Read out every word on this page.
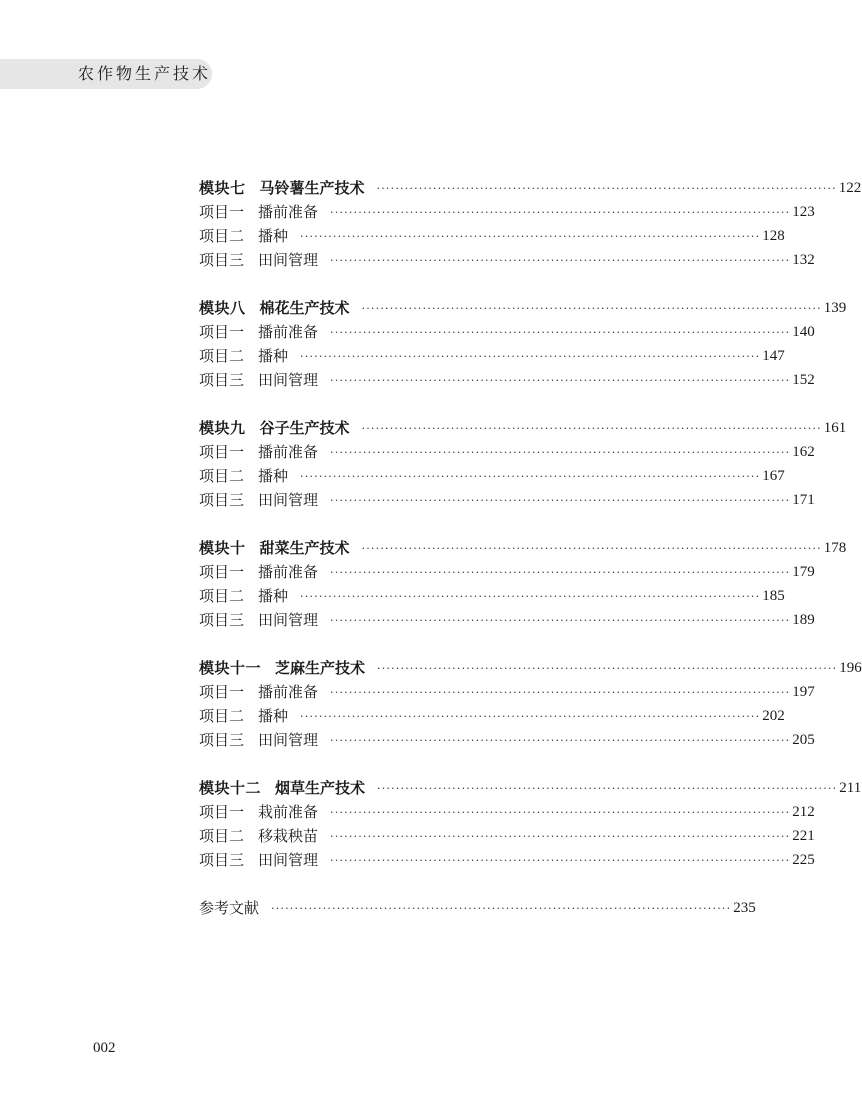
农作物生产技术
模块七 马铃薯生产技术 ·································································································· 122
项目一 播前准备 ·································································································· 123
项目二 播种 ·································································································· 128
项目三 田间管理 ·································································································· 132
模块八 棉花生产技术 ·································································································· 139
项目一 播前准备 ·································································································· 140
项目二 播种 ·································································································· 147
项目三 田间管理 ·································································································· 152
模块九 谷子生产技术 ·································································································· 161
项目一 播前准备 ·································································································· 162
项目二 播种 ·································································································· 167
项目三 田间管理 ·································································································· 171
模块十 甜菜生产技术 ·································································································· 178
项目一 播前准备 ·································································································· 179
项目二 播种 ·································································································· 185
项目三 田间管理 ·································································································· 189
模块十一 芝麻生产技术 ·································································································· 196
项目一 播前准备 ·································································································· 197
项目二 播种 ·································································································· 202
项目三 田间管理 ·································································································· 205
模块十二 烟草生产技术 ·································································································· 211
项目一 栽前准备 ·································································································· 212
项目二 移栽秧苗 ·································································································· 221
项目三 田间管理 ·································································································· 225
参考文献 ·································································································· 235
002
